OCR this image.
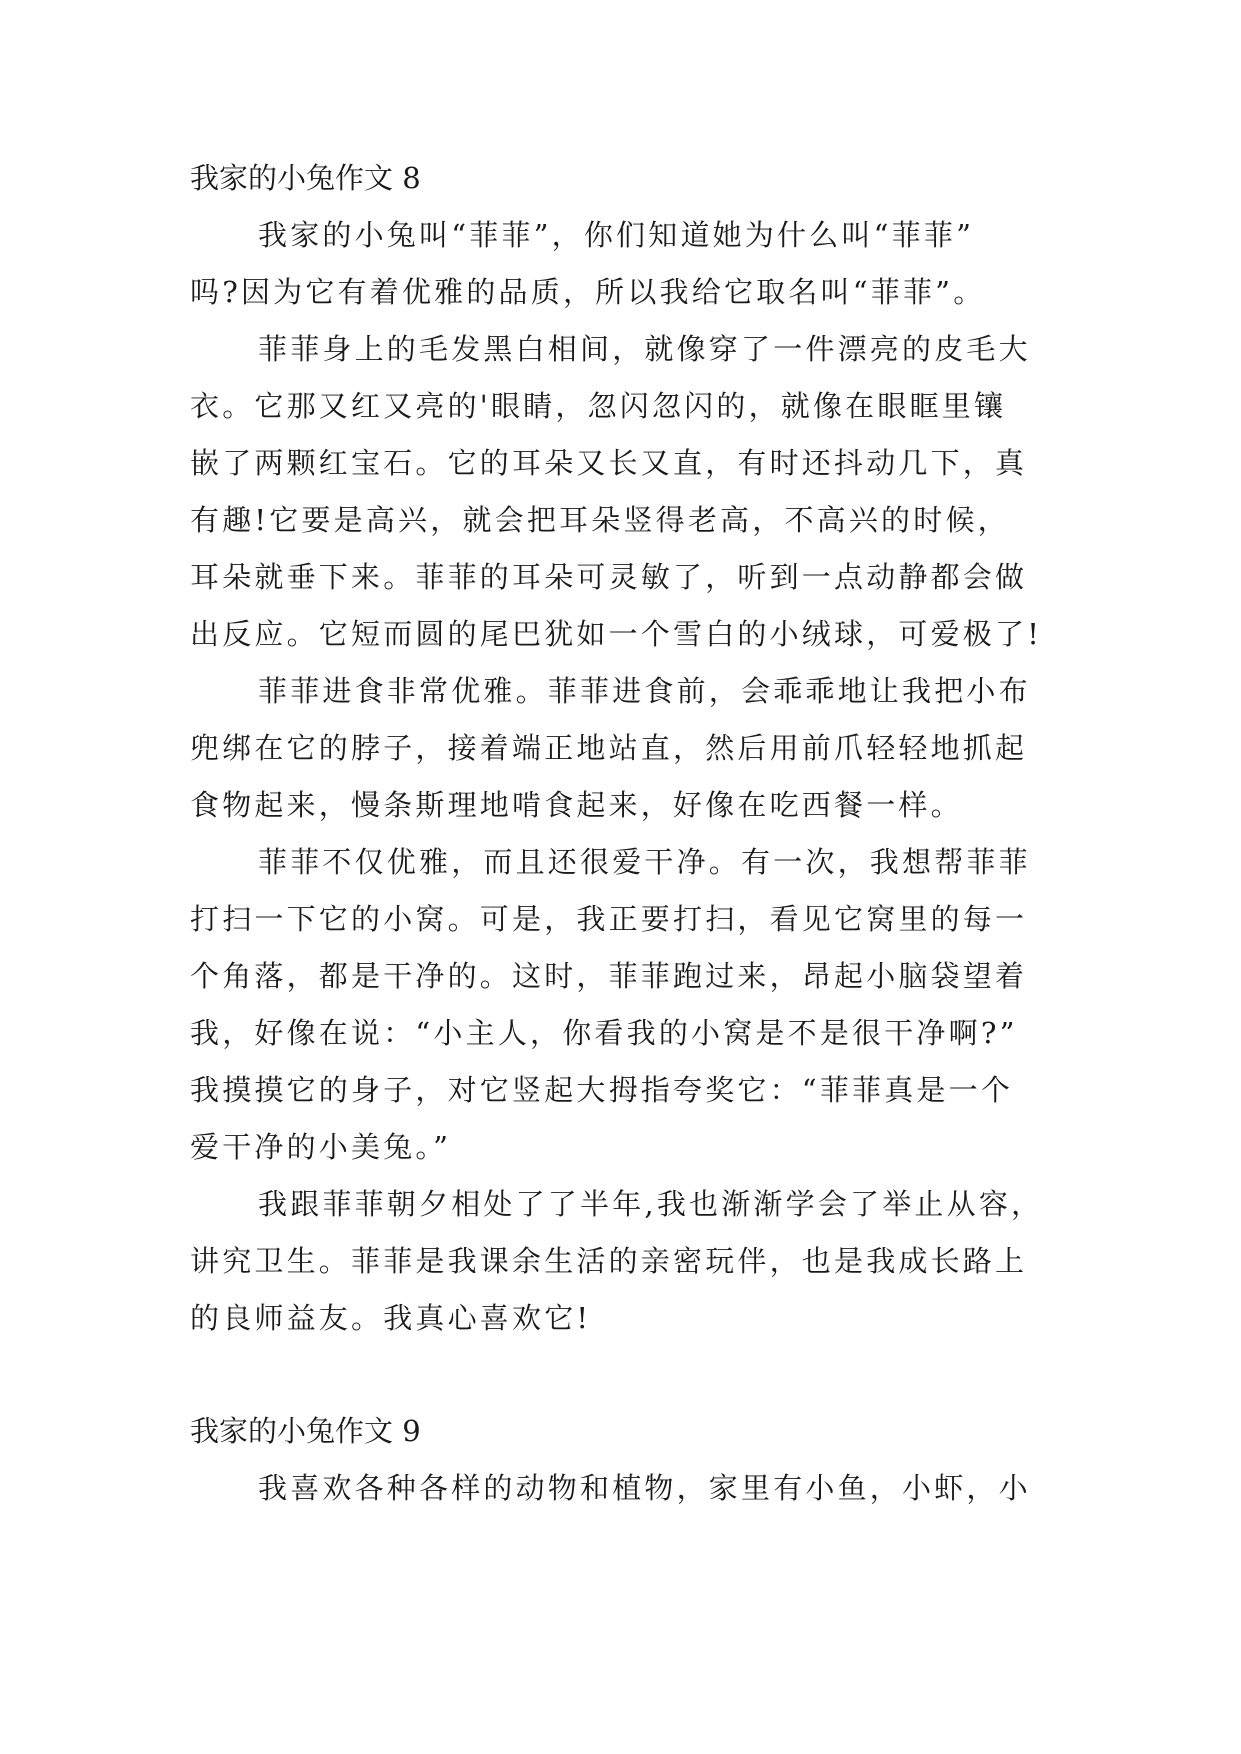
我家的小兔作文 8
我家的小兔叫“菲菲”，你们知道她为什么叫“菲菲”
吗?因为它有着优雅的品质，所以我给它取名叫“菲菲”。
菲菲身上的毛发黑白相间，就像穿了一件漂亮的皮毛大
衣。它那又红又亮的'眼睛，忽闪忽闪的，就像在眼眶里镶
嵌了两颗红宝石。它的耳朵又长又直，有时还抖动几下，真
有趣!它要是高兴，就会把耳朵竖得老高，不高兴的时候，
耳朵就垂下来。菲菲的耳朵可灵敏了，听到一点动静都会做
出反应。它短而圆的尾巴犹如一个雪白的小绒球，可爱极了!
菲菲进食非常优雅。菲菲进食前，会乖乖地让我把小布
兜绑在它的脖子，接着端正地站直，然后用前爪轻轻地抓起
食物起来，慢条斯理地啃食起来，好像在吃西餐一样。
菲菲不仅优雅，而且还很爱干净。有一次，我想帮菲菲
打扫一下它的小窝。可是，我正要打扫，看见它窝里的每一
个角落，都是干净的。这时，菲菲跑过来，昂起小脑袋望着
我，好像在说：“小主人，你看我的小窝是不是很干净啊?”
我摸摸它的身子，对它竖起大拇指夸奖它：“菲菲真是一个
爱干净的小美兔。”
我跟菲菲朝夕相处了了半年,我也渐渐学会了举止从容，
讲究卫生。菲菲是我课余生活的亲密玩伴，也是我成长路上
的良师益友。我真心喜欢它!
我家的小兔作文 9
我喜欢各种各样的动物和植物，家里有小鱼，小虾，小
